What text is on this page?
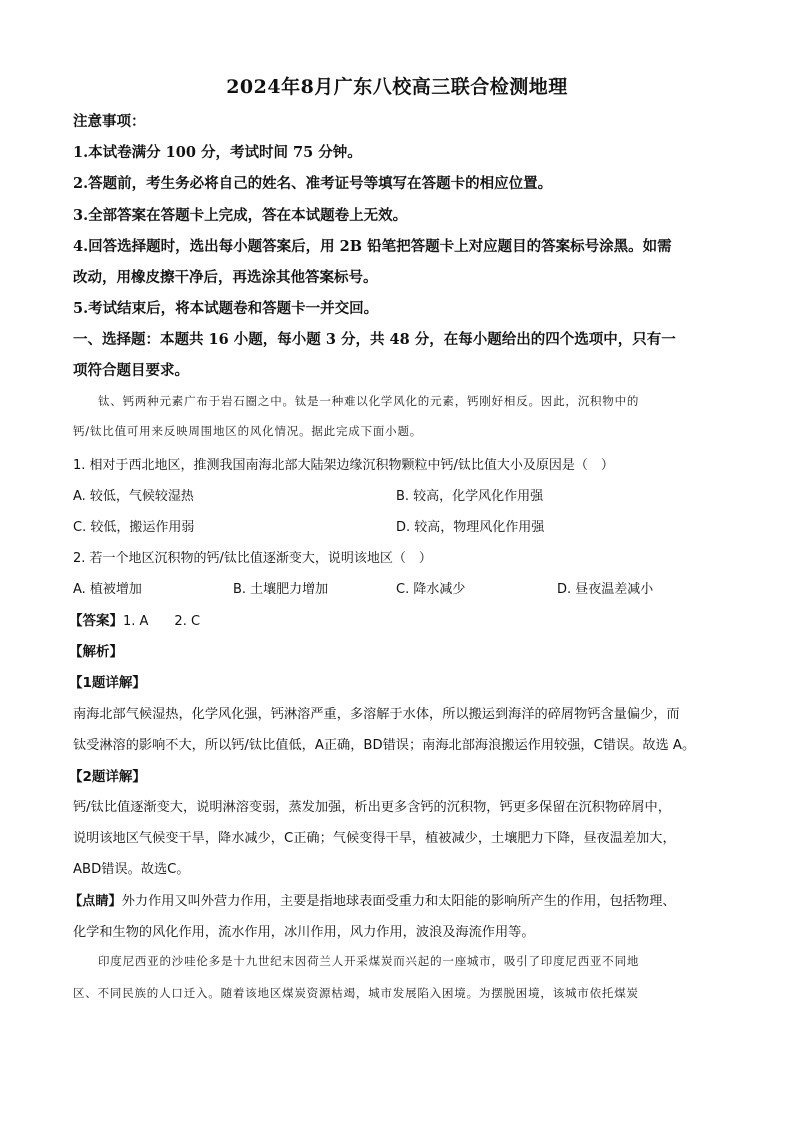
2024年8月广东八校高三联合检测地理
注意事项：
1.本试卷满分 100 分，考试时间 75 分钟。
2.答题前，考生务必将自己的姓名、准考证号等填写在答题卡的相应位置。
3.全部答案在答题卡上完成，答在本试题卷上无效。
4.回答选择题时，选出每小题答案后，用 2B 铅笔把答题卡上对应题目的答案标号涂黑。如需
改动，用橡皮擦干净后，再选涂其他答案标号。
5.考试结束后，将本试题卷和答题卡一并交回。
一、选择题：本题共 16 小题，每小题 3 分，共 48 分，在每小题给出的四个选项中，只有一
项符合题目要求。
钛、钙两种元素广布于岩石圈之中。钛是一种难以化学风化的元素，钙刚好相反。因此，沉积物中的
钙/钛比值可用来反映周围地区的风化情况。据此完成下面小题。
1. 相对于西北地区，推测我国南海北部大陆架边缘沉积物颗粒中钙/钛比值大小及原因是（　）
A. 较低，气候较湿热	B. 较高，化学风化作用强
C. 较低，搬运作用弱	D. 较高，物理风化作用强
2. 若一个地区沉积物的钙/钛比值逐渐变大，说明该地区（　）
A. 植被增加	B. 土壤肥力增加	C. 降水减少	D. 昼夜温差减小
【答案】1. A　　2. C
【解析】
【1题详解】
南海北部气候湿热，化学风化强，钙淋溶严重，多溶解于水体，所以搬运到海洋的碎屑物钙含量偏少，而
钛受淋溶的影响不大，所以钙/钛比值低，A正确，BD错误；南海北部海浪搬运作用较强，C错误。故选 A。
【2题详解】
钙/钛比值逐渐变大，说明淋溶变弱，蒸发加强，析出更多含钙的沉积物，钙更多保留在沉积物碎屑中，
说明该地区气候变干旱，降水减少，C正确；气候变得干旱，植被减少，土壤肥力下降，昼夜温差加大，
ABD错误。故选C。
【点睛】外力作用又叫外营力作用，主要是指地球表面受重力和太阳能的影响所产生的作用，包括物理、
化学和生物的风化作用，流水作用，冰川作用，风力作用，波浪及海流作用等。
印度尼西亚的沙哇伦多是十九世纪末因荷兰人开采煤炭而兴起的一座城市，吸引了印度尼西亚不同地
区、不同民族的人口迁入。随着该地区煤炭资源枯竭，城市发展陷入困境。为摆脱困境，该城市依托煤炭
